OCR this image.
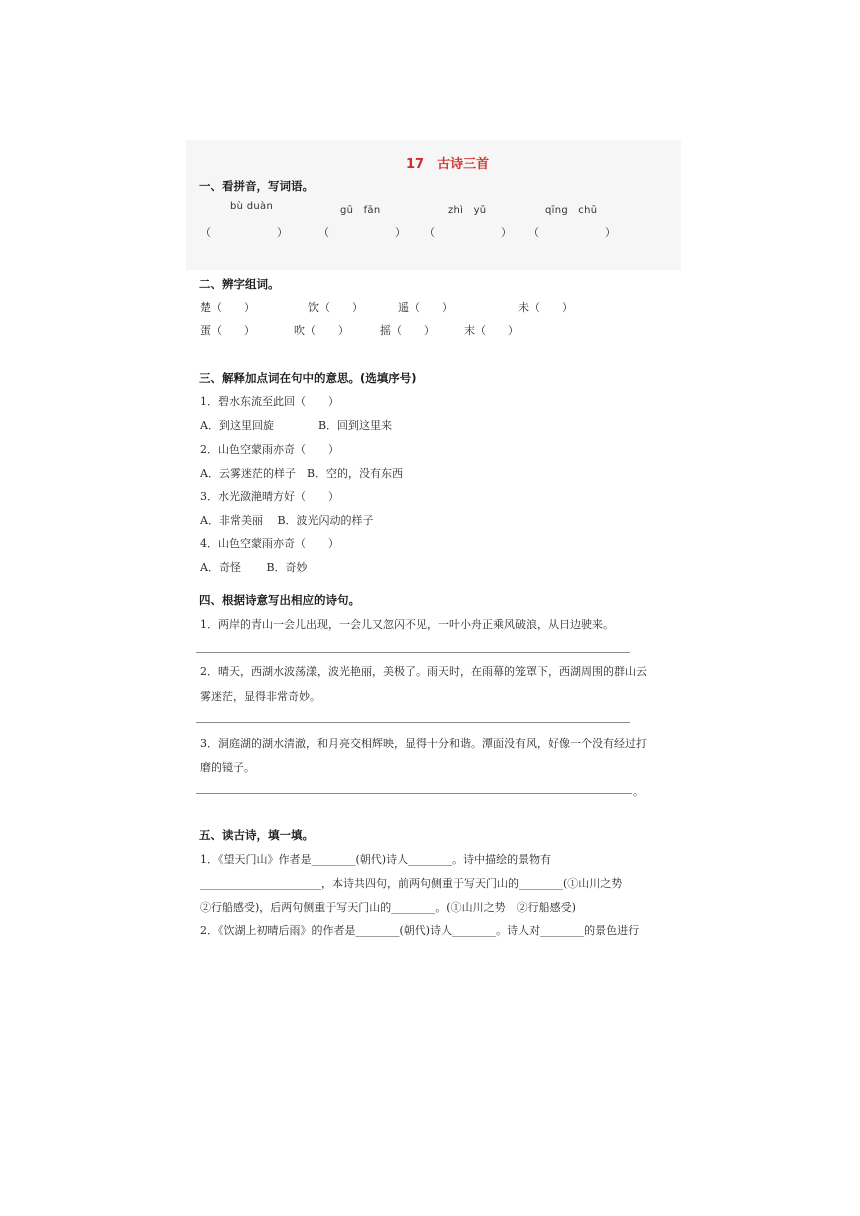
17　古诗三首
一、看拼音，写词语。
bù duàn	gū　fān	zhì　yǔ	qīng　chū
（　　　　　　）	（　　　　　　） （　　　　　　） （　　　　　　）
二、辨字组词。
楚（　　）	饮（　　）	遥（　　）	未（　　）
蛋（　　）	吹（　　）	摇（　　）	末（　　）
三、解释加点词在句中的意思。(选填序号)
1．碧水东流至此回（　　）
A．到这里回旋　　　　B．回到这里来
2．山色空蒙雨亦奇（　　）
A．云雾迷茫的样子　B．空的，没有东西
3．水光潋滟晴方好（　　）
A．非常美丽　 B．波光闪动的样子
4．山色空蒙雨亦奇（　　）
A．奇怪　　 B．奇妙
四、根据诗意写出相应的诗句。
1．两岸的青山一会儿出现，一会儿又忽闪不见，一叶小舟正乘风破浪，从日边驶来。
2．晴天，西湖水波荡漾，波光艳丽，美极了。雨天时，在雨幕的笼罩下，西湖周围的群山云
雾迷茫，显得非常奇妙。
3．洞庭湖的湖水清澈，和月亮交相辉映，显得十分和谐。潭面没有风，好像一个没有经过打
磨的镜子。
。
五、读古诗，填一填。
1．《望天门山》作者是________(朝代)诗人________。诗中描绘的景物有
______________________，本诗共四句，前两句侧重于写天门山的________(①山川之势
②行船感受)，后两句侧重于写天门山的________。(①山川之势　②行船感受)
2．《饮湖上初晴后雨》的作者是________(朝代)诗人________。诗人对________的景色进行
